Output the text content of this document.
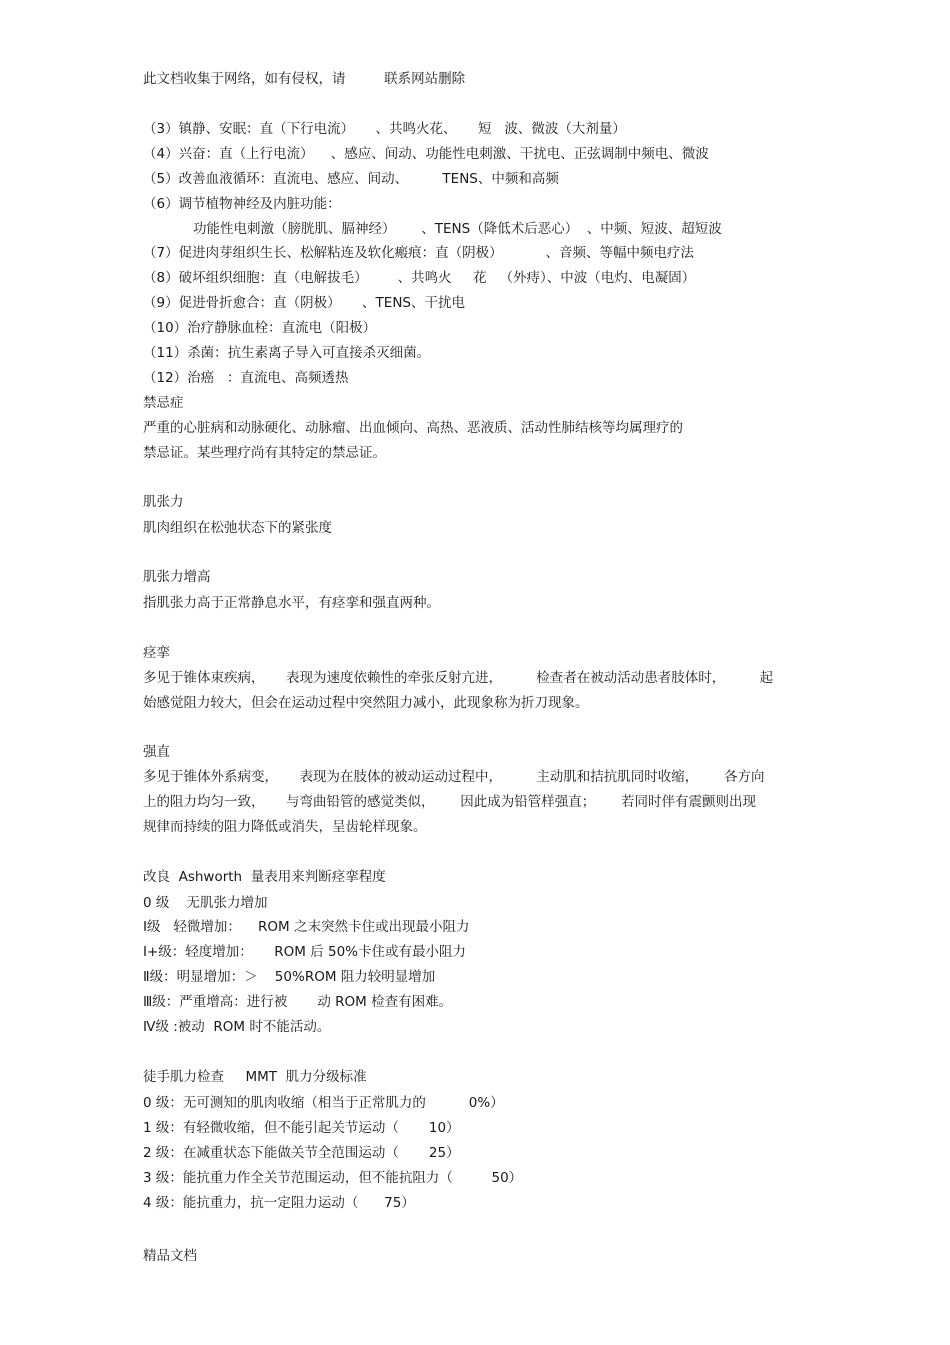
此文档收集于网络，如有侵权，请         联系网站删除
（3）镇静、安眠：直（下行电流）     、共鸣火花、     短   波、微波（大剂量）
（4）兴奋：直（上行电流）    、感应、间动、功能性电刺激、干扰电、正弦调制中频电、微波
（5）改善血液循环：直流电、感应、间动、        TENS、中频和高频
（6）调节植物神经及内脏功能：
功能性电刺激（膀胱肌、膈神经）      、TENS（降低术后恶心）  、中频、短波、超短波
（7）促进肉芽组织生长、松解粘连及软化瘢痕：直（阴极）          、音频、等幅中频电疗法
（8）破坏组织细胞：直（电解拔毛）       、共鸣火     花   （外痔）、中波（电灼、电凝固）
（9）促进骨折愈合：直（阴极）     、TENS、干扰电
（10）治疗静脉血栓：直流电（阳极）
（11）杀菌：抗生素离子导入可直接杀灭细菌。
（12）治癌   ：直流电、高频透热
禁忌症
严重的心脏病和动脉硬化、动脉瘤、出血倾向、高热、恶液质、活动性肺结核等均属理疗的
禁忌证。某些理疗尚有其特定的禁忌证。
肌张力
肌肉组织在松弛状态下的紧张度
肌张力增高
指肌张力高于正常静息水平，有痉挛和强直两种。
痉挛
多见于锥体束疾病，     表现为速度依赖性的牵张反射亢进，        检查者在被动活动患者肢体时，        起
始感觉阻力较大，但会在运动过程中突然阻力减小，此现象称为折刀现象。
强直
多见于锥体外系病变，     表现为在肢体的被动运动过程中，        主动肌和拮抗肌同时收缩，      各方向
上的阻力均匀一致，     与弯曲铅管的感觉类似，      因此成为铅管样强直；      若同时伴有震颤则出现
规律而持续的阻力降低或消失，呈齿轮样现象。
改良  Ashworth  量表用来判断痉挛程度
0 级    无肌张力增加
Ⅰ级   轻微增加：    ROM 之末突然卡住或出现最小阻力
Ⅰ+级：轻度增加：     ROM 后 50%卡住或有最小阻力
Ⅱ级：明显增加：＞    50%ROM 阻力较明显增加
Ⅲ级：严重增高：进行被       动 ROM 检查有困难。
Ⅳ级 :被动  ROM 时不能活动。
徒手肌力检查     MMT  肌力分级标准
0 级：无可测知的肌肉收缩（相当于正常肌力的          0%）
1 级：有轻微收缩，但不能引起关节运动（       10）
2 级：在减重状态下能做关节全范围运动（       25）
3 级：能抗重力作全关节范围运动，但不能抗阻力（         50）
4 级：能抗重力，抗一定阻力运动（      75）
精品文档
